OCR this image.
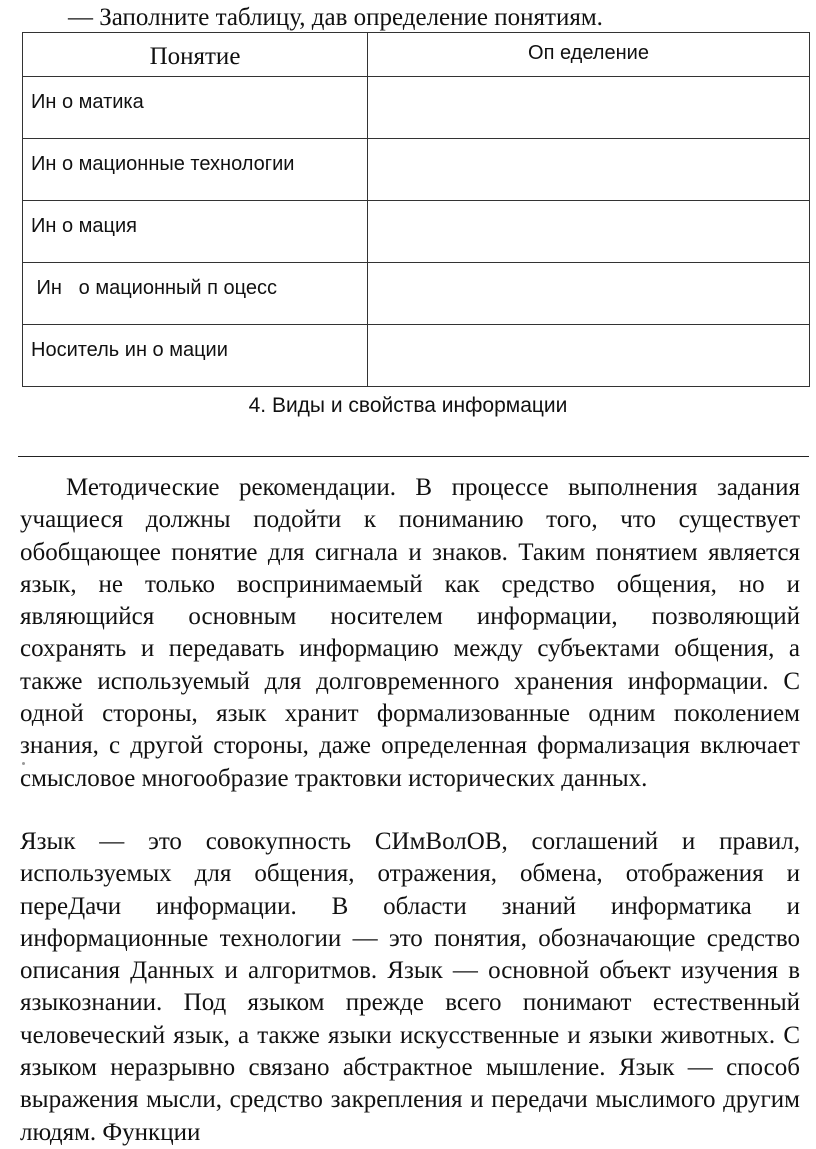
— Заполните таблицу, дав определение понятиям.
Понятие	Оп еделение
Ин о матика	
Ин о мационные технологии	
Ин о мация	
Ин   о мационный п оцесс	
Носитель ин о мации	
4. Виды и свойства информации
Методические рекомендации. В процессе выполнения задания учащиеся должны подойти к пониманию того, что существует обобщающее понятие для сигнала и знаков. Таким понятием является язык, не только воспринимаемый как средство общения, но и являющийся основным носителем информации, позволяющий сохранять и передавать информацию между субъектами общения, а также используемый для долговременного хранения информации. С одной стороны, язык хранит формализованные одним поколением знания, с другой стороны, даже определенная формализация включает смысловое многообразие трактовки исторических данных.
Язык — это совокупность СИмВолОВ, соглашений и правил, используемых для общения, отражения, обмена, отображения и переДачи информации. В области знаний информатика и информационные технологии — это понятия, обозначающие средство описания Данных и алгоритмов. Язык — основной объект изучения в языкознании. Под языком прежде всего понимают естественный человеческий язык, а также языки искусственные и языки животных. С языком неразрывно связано абстрактное мышление. Язык — способ выражения мысли, средство закрепления и передачи мыслимого другим людям. Функции
